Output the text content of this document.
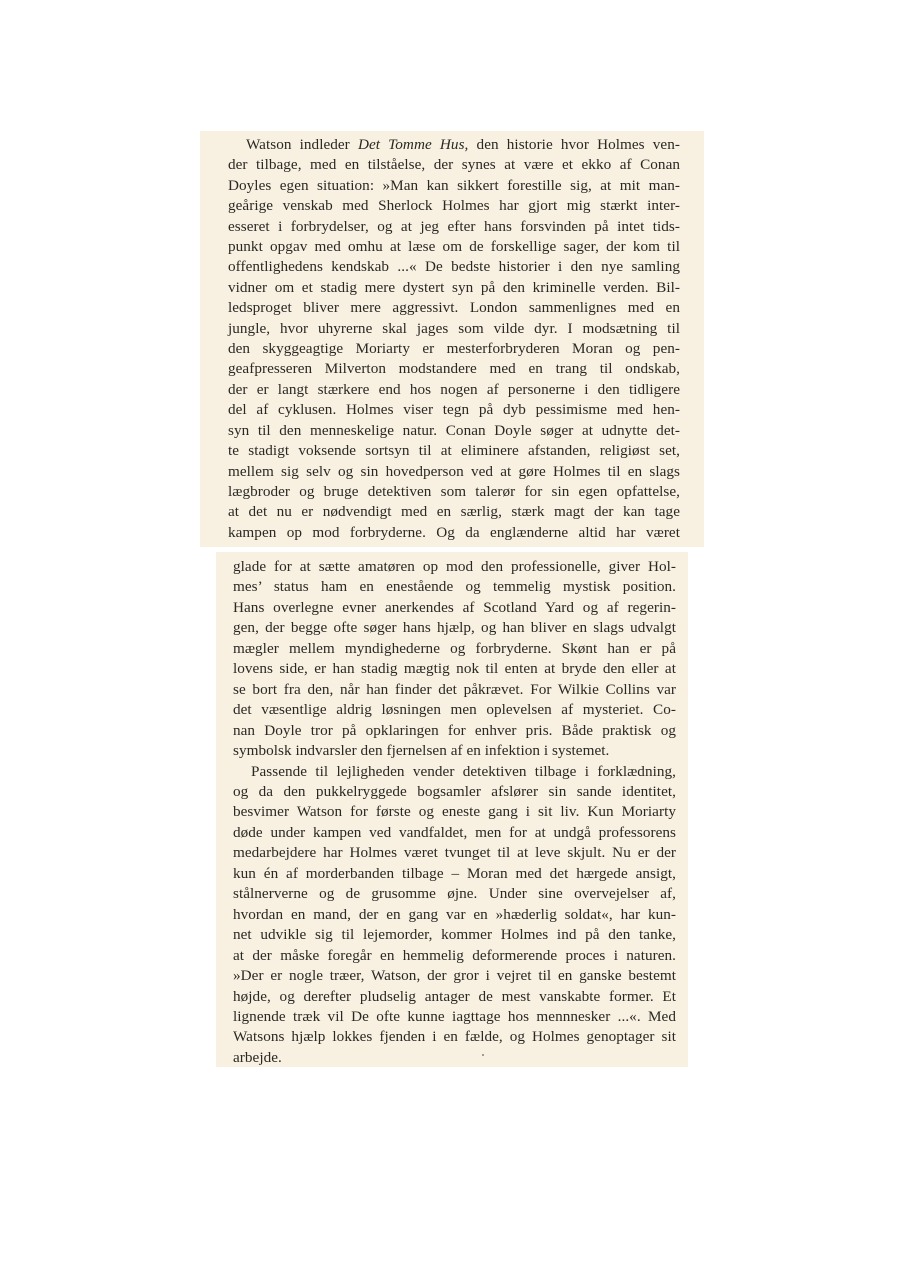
Watson indleder Det Tomme Hus, den historie hvor Holmes ven-
der tilbage, med en tilståelse, der synes at være et ekko af Conan
Doyles egen situation: »Man kan sikkert forestille sig, at mit man-
geårige venskab med Sherlock Holmes har gjort mig stærkt inter-
esseret i forbrydelser, og at jeg efter hans forsvinden på intet tids-
punkt opgav med omhu at læse om de forskellige sager, der kom til
offentlighedens kendskab ...« De bedste historier i den nye samling
vidner om et stadig mere dystert syn på den kriminelle verden. Bil-
ledsproget bliver mere aggressivt. London sammenlignes med en
jungle, hvor uhyrerne skal jages som vilde dyr. I modsætning til
den skyggeagtige Moriarty er mesterforbryderen Moran og pen-
geafpresseren Milverton modstandere med en trang til ondskab,
der er langt stærkere end hos nogen af personerne i den tidligere
del af cyklusen. Holmes viser tegn på dyb pessimisme med hen-
syn til den menneskelige natur. Conan Doyle søger at udnytte det-
te stadigt voksende sortsyn til at eliminere afstanden, religiøst set,
mellem sig selv og sin hovedperson ved at gøre Holmes til en slags
lægbroder og bruge detektiven som talerør for sin egen opfattelse,
at det nu er nødvendigt med en særlig, stærk magt der kan tage
kampen op mod forbryderne. Og da englænderne altid har været
glade for at sætte amatøren op mod den professionelle, giver Hol-
mes’ status ham en enestående og temmelig mystisk position.
Hans overlegne evner anerkendes af Scotland Yard og af regerin-
gen, der begge ofte søger hans hjælp, og han bliver en slags udvalgt
mægler mellem myndighederne og forbryderne. Skønt han er på
lovens side, er han stadig mægtig nok til enten at bryde den eller at
se bort fra den, når han finder det påkrævet. For Wilkie Collins var
det væsentlige aldrig løsningen men oplevelsen af mysteriet. Co-
nan Doyle tror på opklaringen for enhver pris. Både praktisk og
symbolsk indvarsler den fjernelsen af en infektion i systemet.
Passende til lejligheden vender detektiven tilbage i forklædning,
og da den pukkelryggede bogsamler afslører sin sande identitet,
besvimer Watson for første og eneste gang i sit liv. Kun Moriarty
døde under kampen ved vandfaldet, men for at undgå professorens
medarbejdere har Holmes været tvunget til at leve skjult. Nu er der
kun én af morderbanden tilbage – Moran med det hærgede ansigt,
stålnerverne og de grusomme øjne. Under sine overvejelser af,
hvordan en mand, der en gang var en »hæderlig soldat«, har kun-
net udvikle sig til lejemorder, kommer Holmes ind på den tanke,
at der måske foregår en hemmelig deformerende proces i naturen.
»Der er nogle træer, Watson, der gror i vejret til en ganske bestemt
højde, og derefter pludselig antager de mest vanskabte former. Et
lignende træk vil De ofte kunne iagttage hos mennnesker ...«. Med
Watsons hjælp lokkes fjenden i en fælde, og Holmes genoptager sit
arbejde.
